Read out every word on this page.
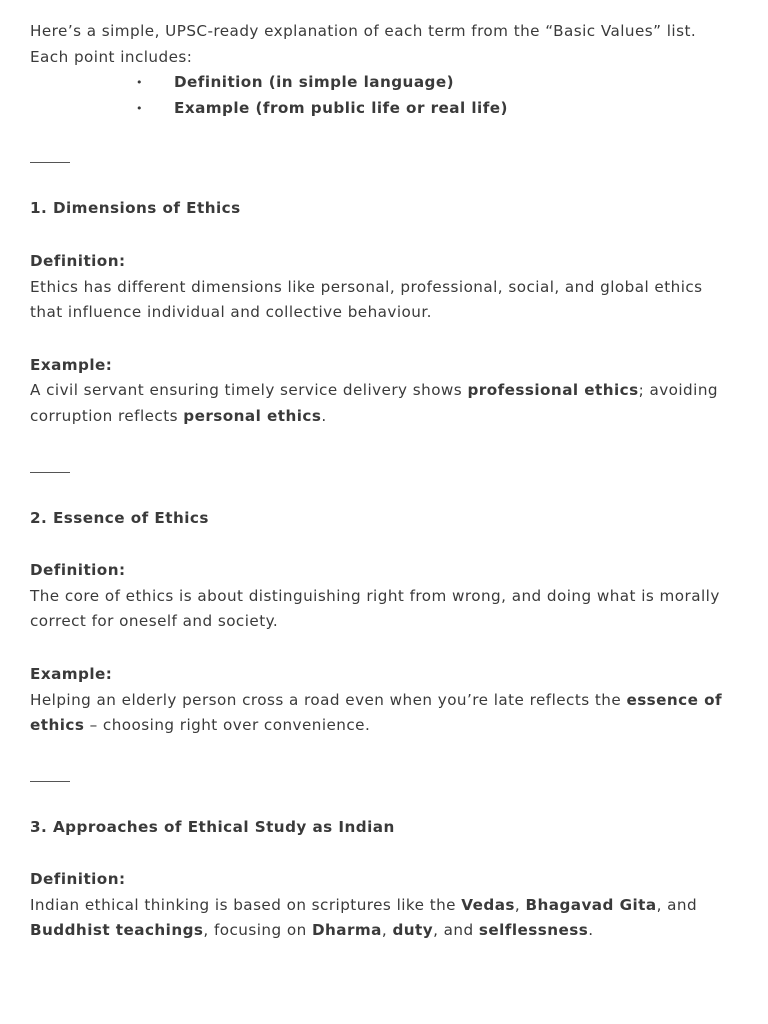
Here’s a simple, UPSC-ready explanation of each term from the “Basic Values” list. Each point includes:

• Definition (in simple language)
• Example (from public life or real life)

1. Dimensions of Ethics

Definition:

Ethics has different dimensions like personal, professional, social, and global ethics that influence individual and collective behaviour.

Example:

A civil servant ensuring timely service delivery shows professional ethics; avoiding corruption reflects personal ethics.

2. Essence of Ethics

Definition:

The core of ethics is about distinguishing right from wrong, and doing what is morally correct for oneself and society.

Example:

Helping an elderly person cross a road even when you’re late reflects the essence of ethics – choosing right over convenience.

3. Approaches of Ethical Study as Indian

Definition:

Indian ethical thinking is based on scriptures like the Vedas, Bhagavad Gita, and Buddhist teachings, focusing on Dharma, duty, and selflessness.
